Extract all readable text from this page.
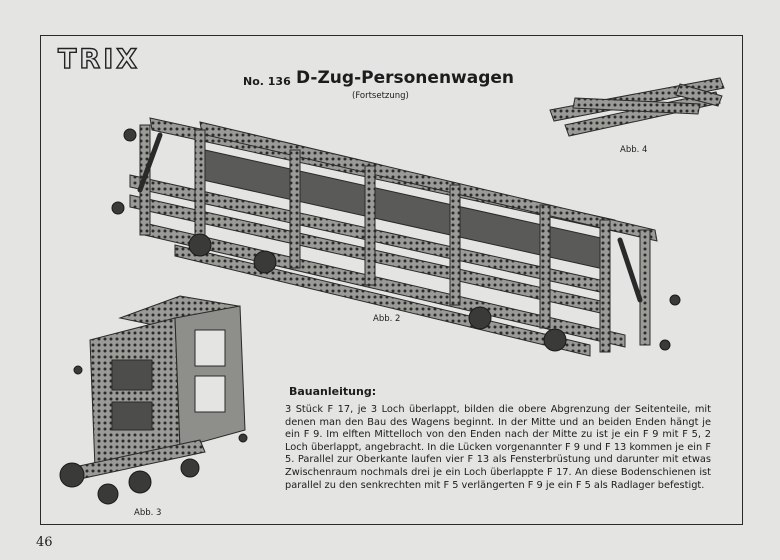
TRIX
No. 136 D-Zug-Personenwagen
(Fortsetzung)
Abb. 4
Abb. 2
Abb. 3
Bauanleitung:
3 Stück F 17, je 3 Loch überlappt, bilden die obere Abgrenzung der Seitenteile, mit denen man den Bau des Wagens beginnt. In der Mitte und an beiden Enden hängt je ein F 9. Im elften Mittelloch von den Enden nach der Mitte zu ist je ein F 9 mit F 5, 2 Loch überlappt, angebracht. In die Lücken vorgenannter F 9 und F 13 kommen je ein F 5. Parallel zur Oberkante laufen vier F 13 als Fensterbrüstung und darunter mit etwas Zwischenraum nochmals drei je ein Loch überlappte F 17. An diese Bodenschienen ist parallel zu den senkrechten mit F 5 verlängerten F 9 je ein F 5 als Radlager befestigt.
46
